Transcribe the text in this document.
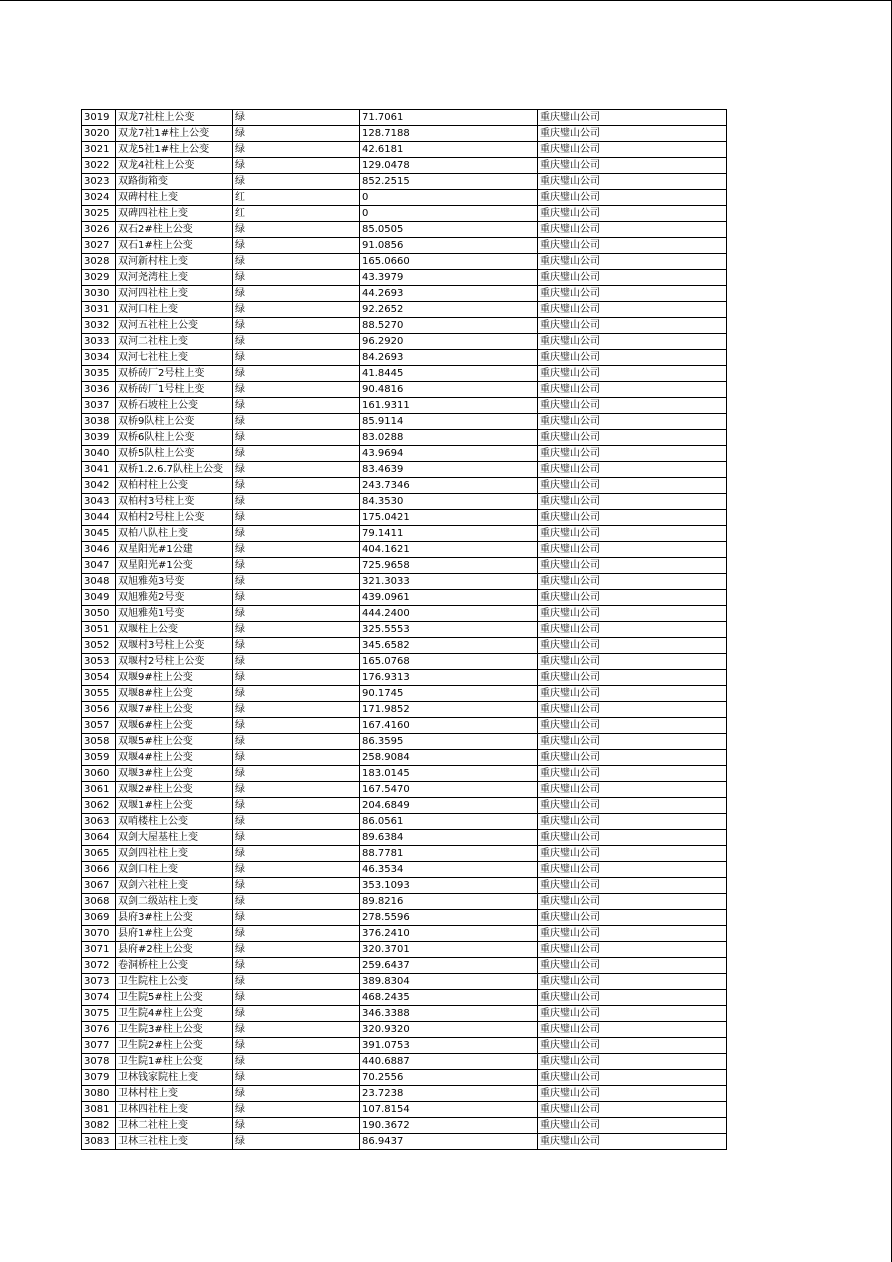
3019	双龙7社柱上公变	绿	71.7061	重庆璧山公司
3020	双龙7社1#柱上公变	绿	128.7188	重庆璧山公司
3021	双龙5社1#柱上公变	绿	42.6181	重庆璧山公司
3022	双龙4社柱上公变	绿	129.0478	重庆璧山公司
3023	双路街箱变	绿	852.2515	重庆璧山公司
3024	双碑村柱上变	红	0	重庆璧山公司
3025	双碑四社柱上变	红	0	重庆璧山公司
3026	双石2#柱上公变	绿	85.0505	重庆璧山公司
3027	双石1#柱上公变	绿	91.0856	重庆璧山公司
3028	双河新村柱上变	绿	165.0660	重庆璧山公司
3029	双河尧湾柱上变	绿	43.3979	重庆璧山公司
3030	双河四社柱上变	绿	44.2693	重庆璧山公司
3031	双河口柱上变	绿	92.2652	重庆璧山公司
3032	双河五社柱上公变	绿	88.5270	重庆璧山公司
3033	双河二社柱上变	绿	96.2920	重庆璧山公司
3034	双河七社柱上变	绿	84.2693	重庆璧山公司
3035	双桥砖厂2号柱上变	绿	41.8445	重庆璧山公司
3036	双桥砖厂1号柱上变	绿	90.4816	重庆璧山公司
3037	双桥石坡柱上公变	绿	161.9311	重庆璧山公司
3038	双桥9队柱上公变	绿	85.9114	重庆璧山公司
3039	双桥6队柱上公变	绿	83.0288	重庆璧山公司
3040	双桥5队柱上公变	绿	43.9694	重庆璧山公司
3041	双桥1.2.6.7队柱上公变	绿	83.4639	重庆璧山公司
3042	双柏村柱上公变	绿	243.7346	重庆璧山公司
3043	双柏村3号柱上变	绿	84.3530	重庆璧山公司
3044	双柏村2号柱上公变	绿	175.0421	重庆璧山公司
3045	双柏八队柱上变	绿	79.1411	重庆璧山公司
3046	双星阳光#1公建	绿	404.1621	重庆璧山公司
3047	双星阳光#1公变	绿	725.9658	重庆璧山公司
3048	双旭雅苑3号变	绿	321.3033	重庆璧山公司
3049	双旭雅苑2号变	绿	439.0961	重庆璧山公司
3050	双旭雅苑1号变	绿	444.2400	重庆璧山公司
3051	双堰柱上公变	绿	325.5553	重庆璧山公司
3052	双堰村3号柱上公变	绿	345.6582	重庆璧山公司
3053	双堰村2号柱上公变	绿	165.0768	重庆璧山公司
3054	双堰9#柱上公变	绿	176.9313	重庆璧山公司
3055	双堰8#柱上公变	绿	90.1745	重庆璧山公司
3056	双堰7#柱上公变	绿	171.9852	重庆璧山公司
3057	双堰6#柱上公变	绿	167.4160	重庆璧山公司
3058	双堰5#柱上公变	绿	86.3595	重庆璧山公司
3059	双堰4#柱上公变	绿	258.9084	重庆璧山公司
3060	双堰3#柱上公变	绿	183.0145	重庆璧山公司
3061	双堰2#柱上公变	绿	167.5470	重庆璧山公司
3062	双堰1#柱上公变	绿	204.6849	重庆璧山公司
3063	双哨楼柱上公变	绿	86.0561	重庆璧山公司
3064	双剑大屋基柱上变	绿	89.6384	重庆璧山公司
3065	双剑四社柱上变	绿	88.7781	重庆璧山公司
3066	双剑口柱上变	绿	46.3534	重庆璧山公司
3067	双剑六社柱上变	绿	353.1093	重庆璧山公司
3068	双剑二级站柱上变	绿	89.8216	重庆璧山公司
3069	县府3#柱上公变	绿	278.5596	重庆璧山公司
3070	县府1#柱上公变	绿	376.2410	重庆璧山公司
3071	县府#2柱上公变	绿	320.3701	重庆璧山公司
3072	卷洞桥柱上公变	绿	259.6437	重庆璧山公司
3073	卫生院柱上公变	绿	389.8304	重庆璧山公司
3074	卫生院5#柱上公变	绿	468.2435	重庆璧山公司
3075	卫生院4#柱上公变	绿	346.3388	重庆璧山公司
3076	卫生院3#柱上公变	绿	320.9320	重庆璧山公司
3077	卫生院2#柱上公变	绿	391.0753	重庆璧山公司
3078	卫生院1#柱上公变	绿	440.6887	重庆璧山公司
3079	卫林钱家院柱上变	绿	70.2556	重庆璧山公司
3080	卫林村柱上变	绿	23.7238	重庆璧山公司
3081	卫林四社柱上变	绿	107.8154	重庆璧山公司
3082	卫林二社柱上变	绿	190.3672	重庆璧山公司
3083	卫林三社柱上变	绿	86.9437	重庆璧山公司
